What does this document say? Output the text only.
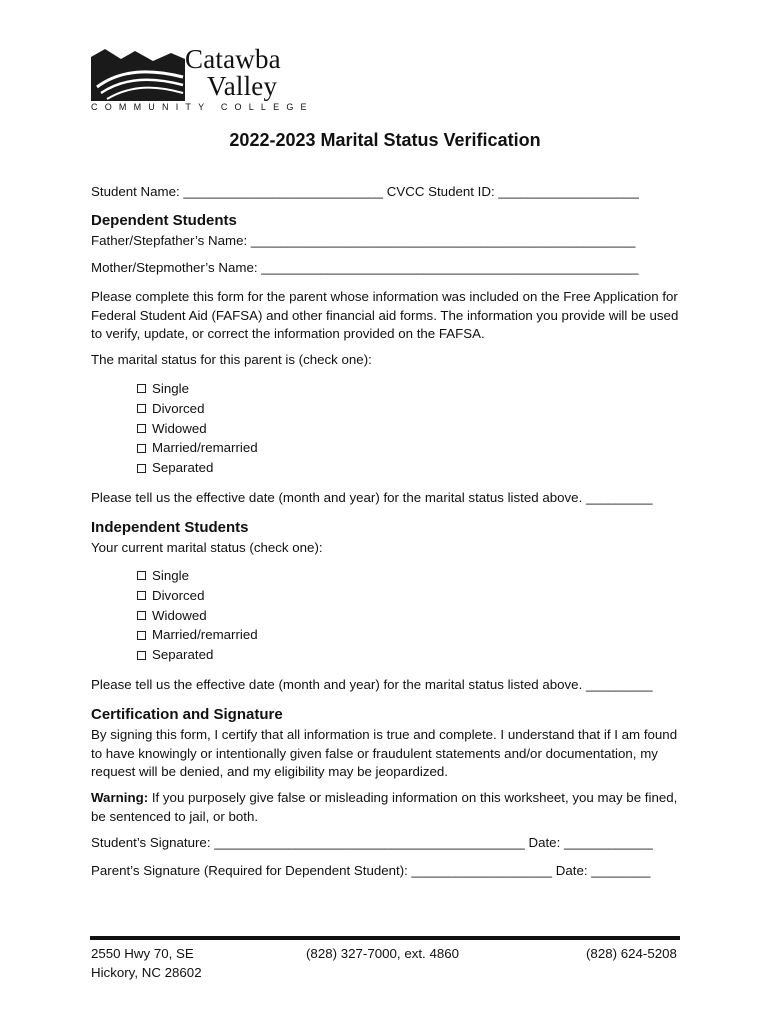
Catawba
Valley
COMMUNITY COLLEGE
2022-2023 Marital Status Verification
Student Name: ___________________________ CVCC Student ID: ___________________
Dependent Students
Father/Stepfather’s Name: ____________________________________________________
Mother/Stepmother’s Name: ___________________________________________________
Please complete this form for the parent whose information was included on the Free Application for Federal Student Aid (FAFSA) and other financial aid forms. The information you provide will be used to verify, update, or correct the information provided on the FAFSA.
The marital status for this parent is (check one):
Single
Divorced
Widowed
Married/remarried
Separated
Please tell us the effective date (month and year) for the marital status listed above. _________
Independent Students
Your current marital status (check one):
Single
Divorced
Widowed
Married/remarried
Separated
Please tell us the effective date (month and year) for the marital status listed above. _________
Certification and Signature
By signing this form, I certify that all information is true and complete. I understand that if I am found to have knowingly or intentionally given false or fraudulent statements and/or documentation, my request will be denied, and my eligibility may be jeopardized.
Warning: If you purposely give false or misleading information on this worksheet, you may be fined, be sentenced to jail, or both.
Student’s Signature: __________________________________________ Date: ____________
Parent’s Signature (Required for Dependent Student): ___________________ Date: ________
2550 Hwy 70, SE
Hickory, NC 28602
(828) 327-7000, ext. 4860	(828) 624-5208
